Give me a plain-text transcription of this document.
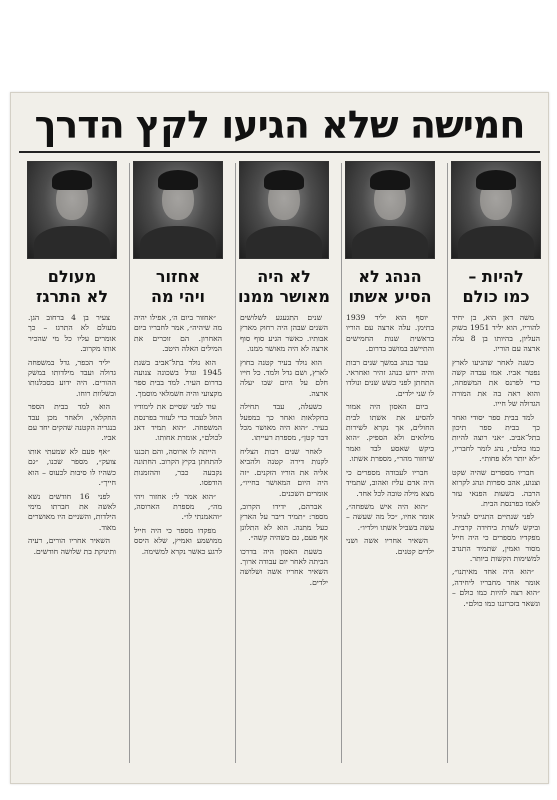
חמישה שלא הגיעו לקץ הדרך
להיות –
כמו כולם

משה דאן הוא, בן יחיד להוריו, הוא יליד 1951 בשוק העליון, בהיותו בן 8 עלה ארצה עם הוריו.

כשנה לאחר שהגיעו לארץ נפטר אביו. אמו עבדה קשה כדי לפרנס את המשפחה, והוא ראה בה את המורה הגדולה של חייו.

למד בבית ספר יסודי ואחר כך בבית ספר תיכון בתל־אביב. ״אני רוצה להיות כמו כולם״, נהג לומר לחבריו, ״לא יותר ולא פחות״.

חבריו מספרים שהיה שקט וצנוע, אהב ספרות ונהג לקרוא הרבה. בשעות הפנאי עזר לאמו בפרנסת הבית.

לפני שנתיים התגייס לצה״ל וביקש לשרת ביחידה קרבית. מפקדיו מספרים כי היה חייל מסור ואמין, שתמיד התנדב למשימות הקשות ביותר.

״הוא היה אחד מאיתנו״, אומר אחד מחבריו ליחידה, ״הוא רצה להיות כמו כולם – ונשאר בזכרוננו כמו כולם״.

הנהג לא
הסיע אשתו

יוסף הוא יליד 1939 בתימן. עלה ארצה עם הוריו בראשית שנות החמישים והתיישב במושב בדרום.

עבד כנהג במשך שנים רבות והיה ידוע כנהג זהיר ואחראי. התחתן לפני כשש שנים ונולדו לו שני ילדים.

ביום האסון היה אמור להסיע את אשתו לבית החולים, אך נקרא לשירות מילואים ולא הספיק. ״הוא ביקש שאסע לבד ואמר שיחזור מהר״, מספרת אשתו.

חבריו לעבודה מספרים כי היה אדם עליז ואהוב, שתמיד מצא מילה טובה לכל אחד.

״הוא היה איש משפחה״, אומר אחיו, ״כל מה שעשה – עשה בשביל אשתו וילדיו״.

השאיר אחריו אשה ושני ילדים קטנים.

לא היה
מאושר ממנו

שנים התגעגע לשלושים השנים שבהן היה רחוק מארץ אבותיו. כאשר הגיע סוף סוף ארצה לא היה מאושר ממנו.

הוא נולד בעיר קטנה בחוץ לארץ, ושם גדל ולמד. כל חייו חלם על היום שבו יעלה ארצה.

כשעלה, עבד תחילה בחקלאות ואחר כך במפעל בעיר. ״הוא היה מאושר מכל דבר קטן״, מספרת רעייתו.

לאחר שנים רבות הצליח לקנות דירה קטנה ולהביא אליה את הוריו הזקנים. ״זה היה היום המאושר בחייו״, אומרים השכנים.

אברהם, ידידו הקרוב, מספר: ״תמיד דיבר על הארץ כעל מתנה. הוא לא התלונן אף פעם, גם כשהיה קשה״.

בשעת האסון היה בדרכו הביתה לאחר יום עבודה ארוך. השאיר אחריו אשה ושלושה ילדים.

אחזור
ויהי מה

״אחזור ביום ה׳, אפילו יהיה מה שיהיה״, אמר לחבריו ביום האחרון. הם זוכרים את המילים האלה היטב.

הוא נולד בתל־אביב בשנת 1945 וגדל בשכונה צנועה בדרום העיר. למד בבית ספר מקצועי והיה חשמלאי מוסמך.

עוד לפני שסיים את לימודיו החל לעבוד כדי לעזור בפרנסת המשפחה. ״הוא תמיד דאג לכולם״, אומרת אחותו.

הייתה לו ארוסה, והם תכננו להתחתן בקיץ הקרוב. החתונה נקבעה כבר, וההזמנות הודפסו.

״הוא אמר לי: אחזור ויהי מה״, מספרת הארוסה, ״והאמנתי לו״.

מפקדו מספר כי היה חייל ממושמע ואמיץ, שלא היסס לרגע כאשר נקרא למשימה.

מעולם
לא התרגז

צעיר בן 4 ברחוב הגן. מעולם לא התרגז – כך אומרים עליו כל מי שהכיר אותו מקרוב.

יליד הכפר, גדל במשפחה גדולה ועבד מילדותו במשק ההורים. היה ידוע בסבלנותו ובשלוות רוחו.

הוא למד בבית הספר החקלאי, ולאחר מכן עבד בנגריה הקטנה שהקים יחד עם אביו.

״אף פעם לא שמעתי אותו צועק״, מספר שכנו, ״גם כשהיו לו סיבות לכעוס – הוא חייך״.

לפני 16 חודשים נשא לאשה את חברתו מימי הילדות, והשניים היו מאושרים מאוד.

השאיר אחריו הורים, רעיה ותינוקת בת שלושה חודשים.
